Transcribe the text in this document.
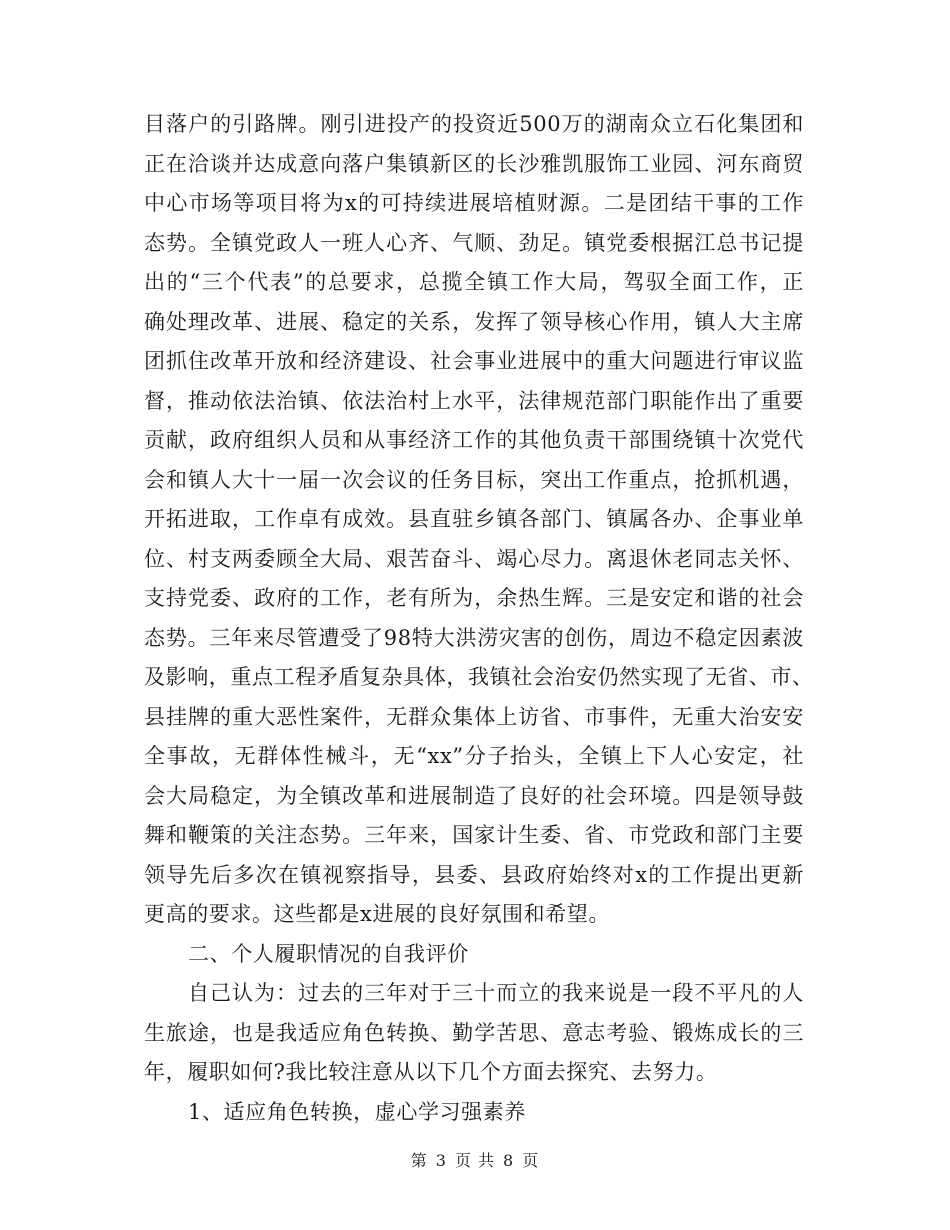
目落户的引路牌。刚引进投产的投资近500万的湖南众立石化集团和
正在洽谈并达成意向落户集镇新区的长沙雅凯服饰工业园、河东商贸
中心市场等项目将为x的可持续进展培植财源。二是团结干事的工作
态势。全镇党政人一班人心齐、气顺、劲足。镇党委根据江总书记提
出的“三个代表”的总要求，总揽全镇工作大局，驾驭全面工作，正
确处理改革、进展、稳定的关系，发挥了领导核心作用，镇人大主席
团抓住改革开放和经济建设、社会事业进展中的重大问题进行审议监
督，推动依法治镇、依法治村上水平，法律规范部门职能作出了重要
贡献，政府组织人员和从事经济工作的其他负责干部围绕镇十次党代
会和镇人大十一届一次会议的任务目标，突出工作重点，抢抓机遇，
开拓进取，工作卓有成效。县直驻乡镇各部门、镇属各办、企事业单
位、村支两委顾全大局、艰苦奋斗、竭心尽力。离退休老同志关怀、
支持党委、政府的工作，老有所为，余热生辉。三是安定和谐的社会
态势。三年来尽管遭受了98特大洪涝灾害的创伤，周边不稳定因素波
及影响，重点工程矛盾复杂具体，我镇社会治安仍然实现了无省、市、
县挂牌的重大恶性案件，无群众集体上访省、市事件，无重大治安安
全事故，无群体性械斗，无“xx”分子抬头，全镇上下人心安定，社
会大局稳定，为全镇改革和进展制造了良好的社会环境。四是领导鼓
舞和鞭策的关注态势。三年来，国家计生委、省、市党政和部门主要
领导先后多次在镇视察指导，县委、县政府始终对x的工作提出更新
更高的要求。这些都是x进展的良好氛围和希望。
二、个人履职情况的自我评价
自己认为：过去的三年对于三十而立的我来说是一段不平凡的人
生旅途，也是我适应角色转换、勤学苦思、意志考验、锻炼成长的三
年，履职如何?我比较注意从以下几个方面去探究、去努力。
1、适应角色转换，虚心学习强素养
第 3 页 共 8 页
